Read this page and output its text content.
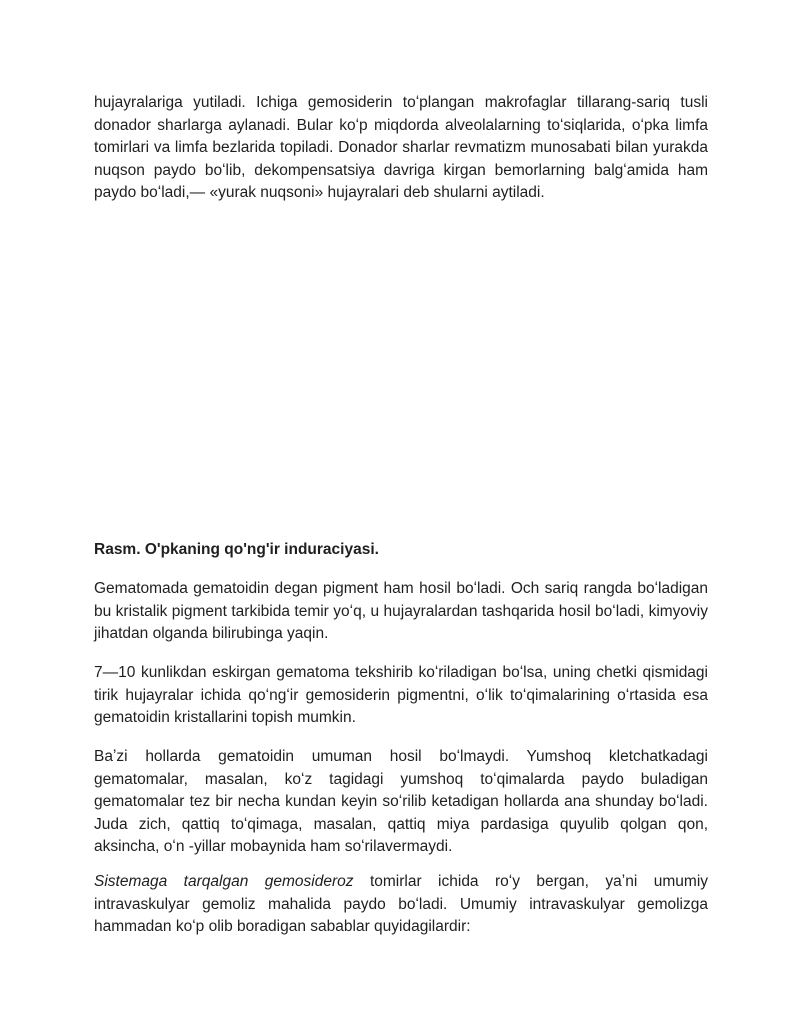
hujayralariga yutiladi. Ichiga gemosiderin toʻplangan makrofaglar tillarang-sariq tusli donador sharlarga aylanadi. Bular koʻp miqdorda alveolalarning toʻsiqlarida, oʻpka limfa tomirlari va limfa bezlarida topiladi. Donador sharlar revmatizm munosabati bilan yurakda nuqson paydo boʻlib, dekompensatsiya davriga kirgan bemorlarning balgʻamida ham paydo boʻladi,— «yurak nuqsoni» hujayralari deb shularni aytiladi.

Rasm. O'pkaning qo'ng'ir induraciyasi.

Gematomada gematoidin degan pigment ham hosil boʻladi. Och sariq rangda boʻladigan bu kristalik pigment tarkibida temir yoʻq, u hujayralardan tashqarida hosil boʻladi, kimyoviy jihatdan olganda bilirubinga yaqin.

7—10 kunlikdan eskirgan gematoma tekshirib koʻriladigan boʻlsa, uning chetki qismidagi tirik hujayralar ichida qoʻngʻir gemosiderin pigmentni, oʻlik toʻqimalarining oʻrtasida esa gematoidin kristallarini topish mumkin.

Baʼzi hollarda gematoidin umuman hosil boʻlmaydi. Yumshoq kletchatkadagi gematomalar, masalan, koʻz tagidagi yumshoq toʻqimalarda paydo buladigan gematomalar tez bir necha kundan keyin soʻrilib ketadigan hollarda ana shunday boʻladi. Juda zich, qattiq toʻqimaga, masalan, qattiq miya pardasiga quyulib qolgan qon, aksincha, oʻn -yillar mobaynida ham soʻrilavermaydi.

Sistemaga tarqalgan gemosideroz tomirlar ichida roʻy bergan, yaʼni umumiy intravaskulyar gemoliz mahalida paydo boʻladi. Umumiy intravaskulyar gemolizga hammadan koʻp olib boradigan sabablar quyidagilardir:
